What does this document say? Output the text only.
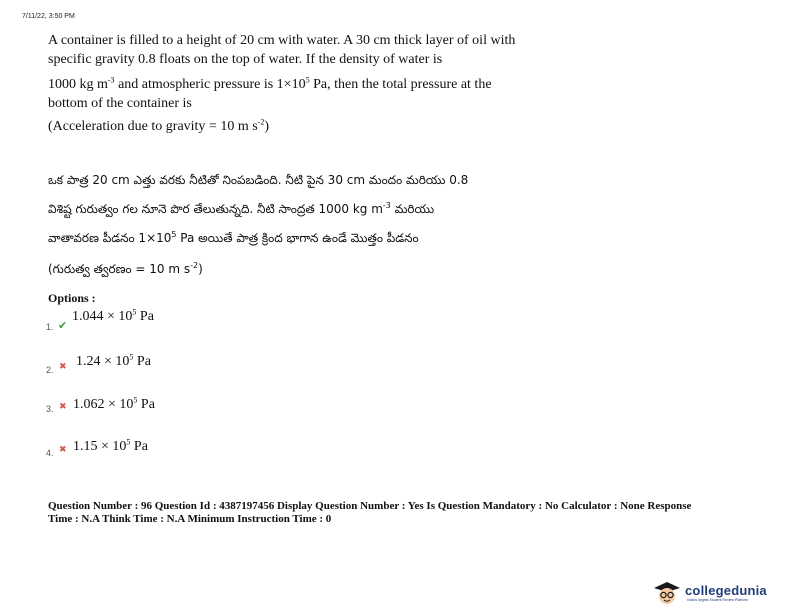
7/11/22, 3:50 PM
A container is filled to a height of 20 cm with water. A 30 cm thick layer of oil with
specific gravity 0.8 floats on the top of water. If the density of water is
1000 kg $m^{-3}$ and atmospheric pressure is $1\times 10^5$ Pa, then the total pressure at the
bottom of the container is
(Acceleration due to gravity = 10 m $s^{-2}$)
ఒక పాత్ర 20 cm ఎత్తు వరకు నీటితో నింపబడింది. నీటి పైన 30 cm మందం మరియు 0.8
విశిష్ట గురుత్వం గల నూనె పొర తేలుతున్నది. నీటి సాంద్రత 1000 kg $m^{-3}$ మరియు
వాతావరణ పీడనం $1\times 10^5$ Pa అయితే పాత్ర క్రింద భాగాన ఉండే మొత్తం పీడనం
(గురుత్వ త్వరణం = 10 m $s^{-2}$)
Options :
1. ✔
$1.044 \times 10^5$ Pa
2. ✖ $1.24 \times 10^5$ Pa
3. ✖ $1.062 \times 10^5$ Pa
4. ✖ $1.15 \times 10^5$ Pa
Question Number : 96 Question Id : 4387197456 Display Question Number : Yes Is Question Mandatory : No Calculator : None Response
Time : N.A Think Time : N.A Minimum Instruction Time : 0
collegedunia
India's largest Student Review Platform
